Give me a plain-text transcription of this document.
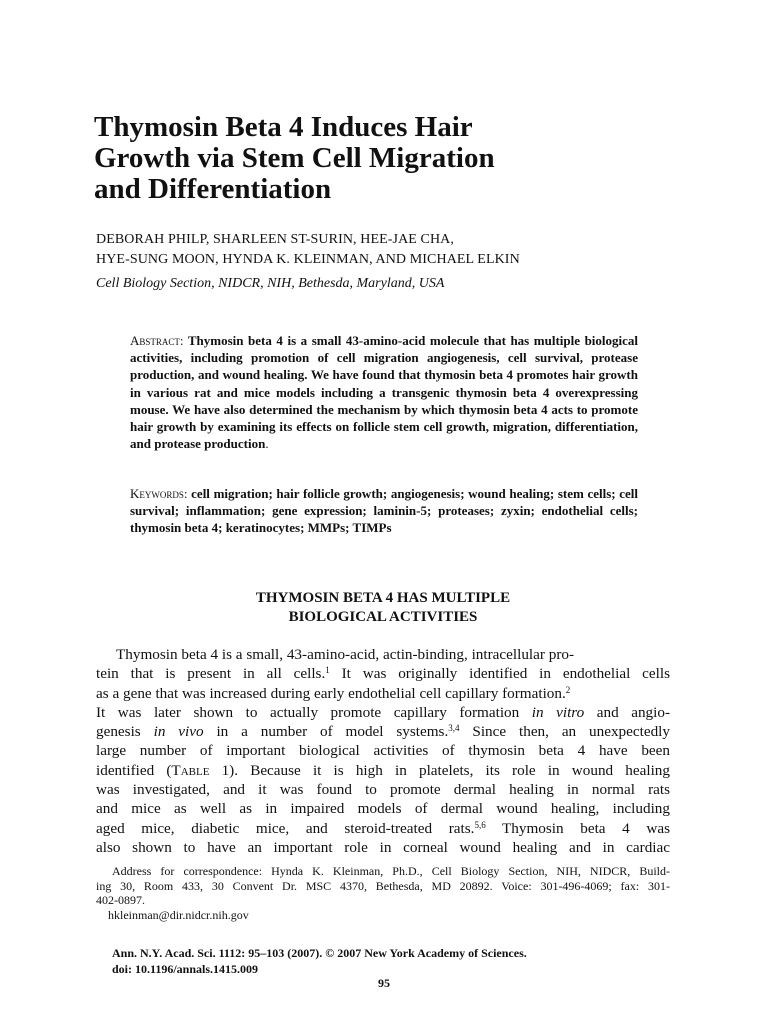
Thymosin Beta 4 Induces Hair
Growth via Stem Cell Migration
and Differentiation
DEBORAH PHILP, SHARLEEN ST-SURIN, HEE-JAE CHA,
HYE-SUNG MOON, HYNDA K. KLEINMAN, AND MICHAEL ELKIN
Cell Biology Section, NIDCR, NIH, Bethesda, Maryland, USA
Abstract: Thymosin beta 4 is a small 43-amino-acid molecule that has multiple biological activities, including promotion of cell migration angiogenesis, cell survival, protease production, and wound healing. We have found that thymosin beta 4 promotes hair growth in various rat and mice models including a transgenic thymosin beta 4 overexpressing mouse. We have also determined the mechanism by which thymosin beta 4 acts to promote hair growth by examining its effects on follicle stem cell growth, migration, differentiation, and protease production.
Keywords: cell migration; hair follicle growth; angiogenesis; wound healing; stem cells; cell survival; inflammation; gene expression; laminin-5; proteases; zyxin; endothelial cells; thymosin beta 4; keratinocytes; MMPs; TIMPs
THYMOSIN BETA 4 HAS MULTIPLE
BIOLOGICAL ACTIVITIES
Thymosin beta 4 is a small, 43-amino-acid, actin-binding, intracellular pro-
tein that is present in all cells.$^1$ It was originally identified in endothelial cells
as a gene that was increased during early endothelial cell capillary formation.$^2$
It was later shown to actually promote capillary formation in vitro and angio-
genesis in vivo in a number of model systems.$^{3,4}$ Since then, an unexpectedly
large number of important biological activities of thymosin beta 4 have been
identified (Table 1). Because it is high in platelets, its role in wound healing
was investigated, and it was found to promote dermal healing in normal rats
and mice as well as in impaired models of dermal wound healing, including
aged mice, diabetic mice, and steroid-treated rats.$^{5,6}$ Thymosin beta 4 was
also shown to have an important role in corneal wound healing and in cardiac
Address for correspondence: Hynda K. Kleinman, Ph.D., Cell Biology Section, NIH, NIDCR, Build-
ing 30, Room 433, 30 Convent Dr. MSC 4370, Bethesda, MD 20892. Voice: 301-496-4069; fax: 301-
402-0897.
hkleinman@dir.nidcr.nih.gov
Ann. N.Y. Acad. Sci. 1112: 95–103 (2007). © 2007 New York Academy of Sciences.
doi: 10.1196/annals.1415.009
95
